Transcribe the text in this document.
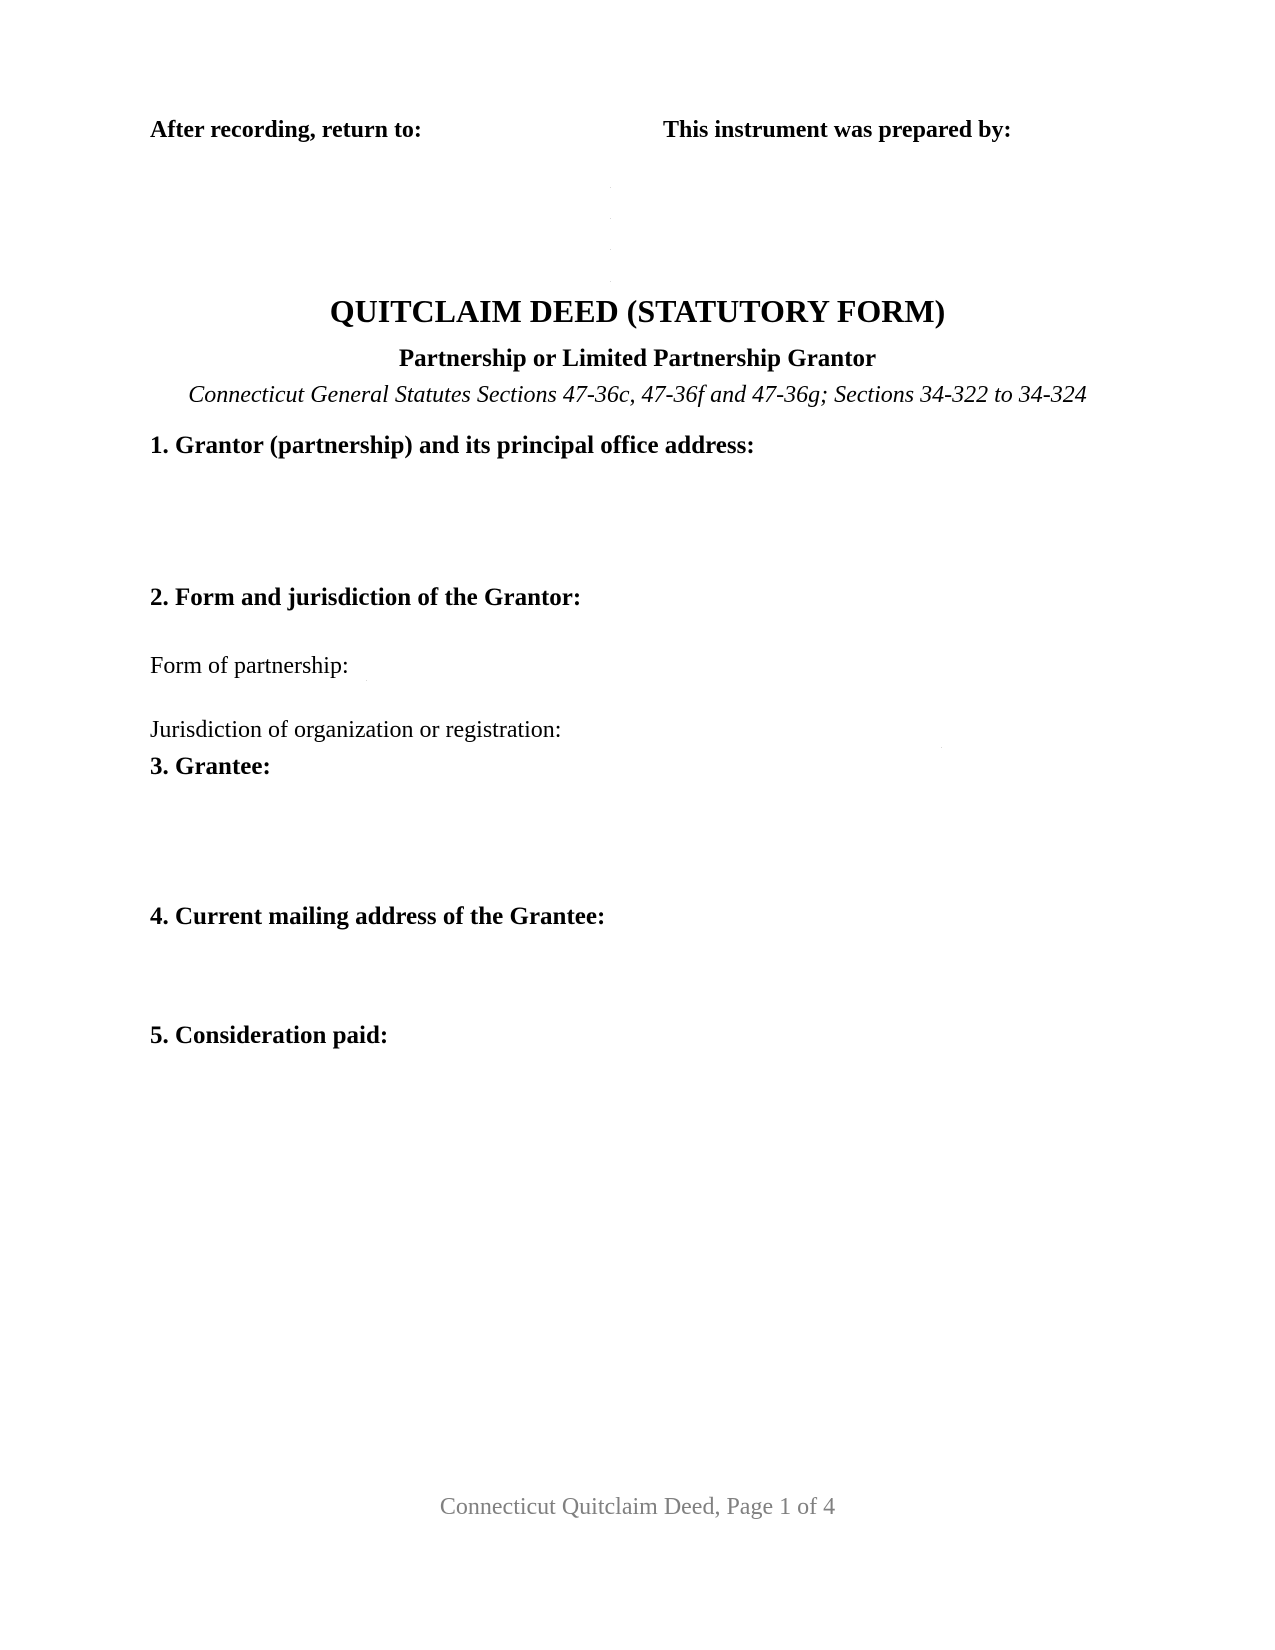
After recording, return to:	This instrument was prepared by:
QUITCLAIM DEED (STATUTORY FORM)
Partnership or Limited Partnership Grantor
Connecticut General Statutes Sections 47-36c, 47-36f and 47-36g; Sections 34-322 to 34-324
1. Grantor (partnership) and its principal office address:
2. Form and jurisdiction of the Grantor:
Form of partnership:
Jurisdiction of organization or registration:
3. Grantee:
4. Current mailing address of the Grantee:
5. Consideration paid:
Connecticut Quitclaim Deed, Page 1 of 4
